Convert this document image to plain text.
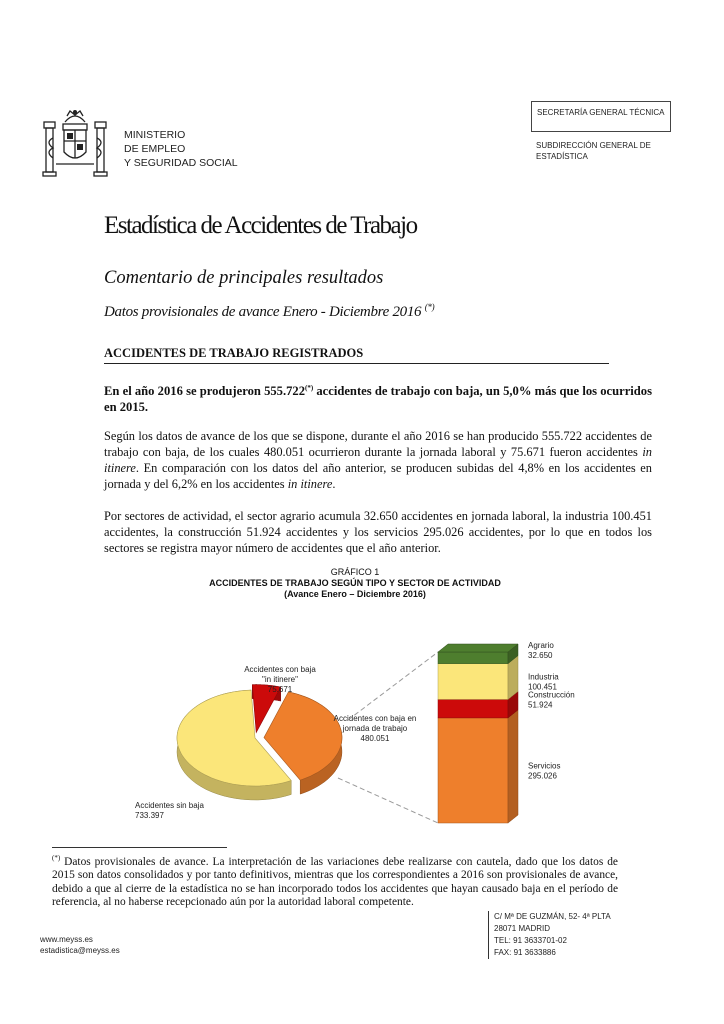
MINISTERIO
DE EMPLEO
Y SEGURIDAD SOCIAL
SECRETARÍA GENERAL TÉCNICA
SUBDIRECCIÓN GENERAL DE
ESTADÍSTICA
Estadística de Accidentes de Trabajo
Comentario de principales resultados
Datos provisionales de avance Enero - Diciembre 2016 (*)
ACCIDENTES DE TRABAJO REGISTRADOS
En el año 2016 se produjeron 555.722(*) accidentes de trabajo con baja, un 5,0% más que los ocurridos en 2015.
Según los datos de avance de los que se dispone, durante el año 2016 se han producido 555.722 accidentes de trabajo con baja, de los cuales 480.051 ocurrieron durante la jornada laboral y 75.671 fueron accidentes in itinere. En comparación con los datos del año anterior, se producen subidas del 4,8% en los accidentes en jornada y del 6,2% en los accidentes in itinere.
Por sectores de actividad, el sector agrario acumula 32.650 accidentes en jornada laboral, la industria 100.451 accidentes, la construcción 51.924 accidentes y los servicios 295.026 accidentes, por lo que en todos los sectores se registra mayor número de accidentes que el año anterior.
GRÁFICO 1
ACCIDENTES DE TRABAJO SEGÚN TIPO Y SECTOR DE ACTIVIDAD
(Avance Enero – Diciembre 2016)
Accidentes sin baja 733.397
Accidentes con baja en jornada de trabajo 480.051
Accidentes con baja "in itinere" 75.671
Servicios 295.026
Construcción 51.924
Industria 100.451
Agrario 32.650
(*) Datos provisionales de avance. La interpretación de las variaciones debe realizarse con cautela, dado que los datos de 2015 son datos consolidados y por tanto definitivos, mientras que los correspondientes a 2016 son provisionales de avance, debido a que al cierre de la estadística no se han incorporado todos los accidentes que hayan causado baja en el período de referencia, al no haberse recepcionado aún por la autoridad laboral competente.
www.meyss.es
estadistica@meyss.es
C/ Mª DE GUZMÁN, 52- 4ª PLTA
28071 MADRID
TEL: 91 3633701-02
FAX: 91 3633886
